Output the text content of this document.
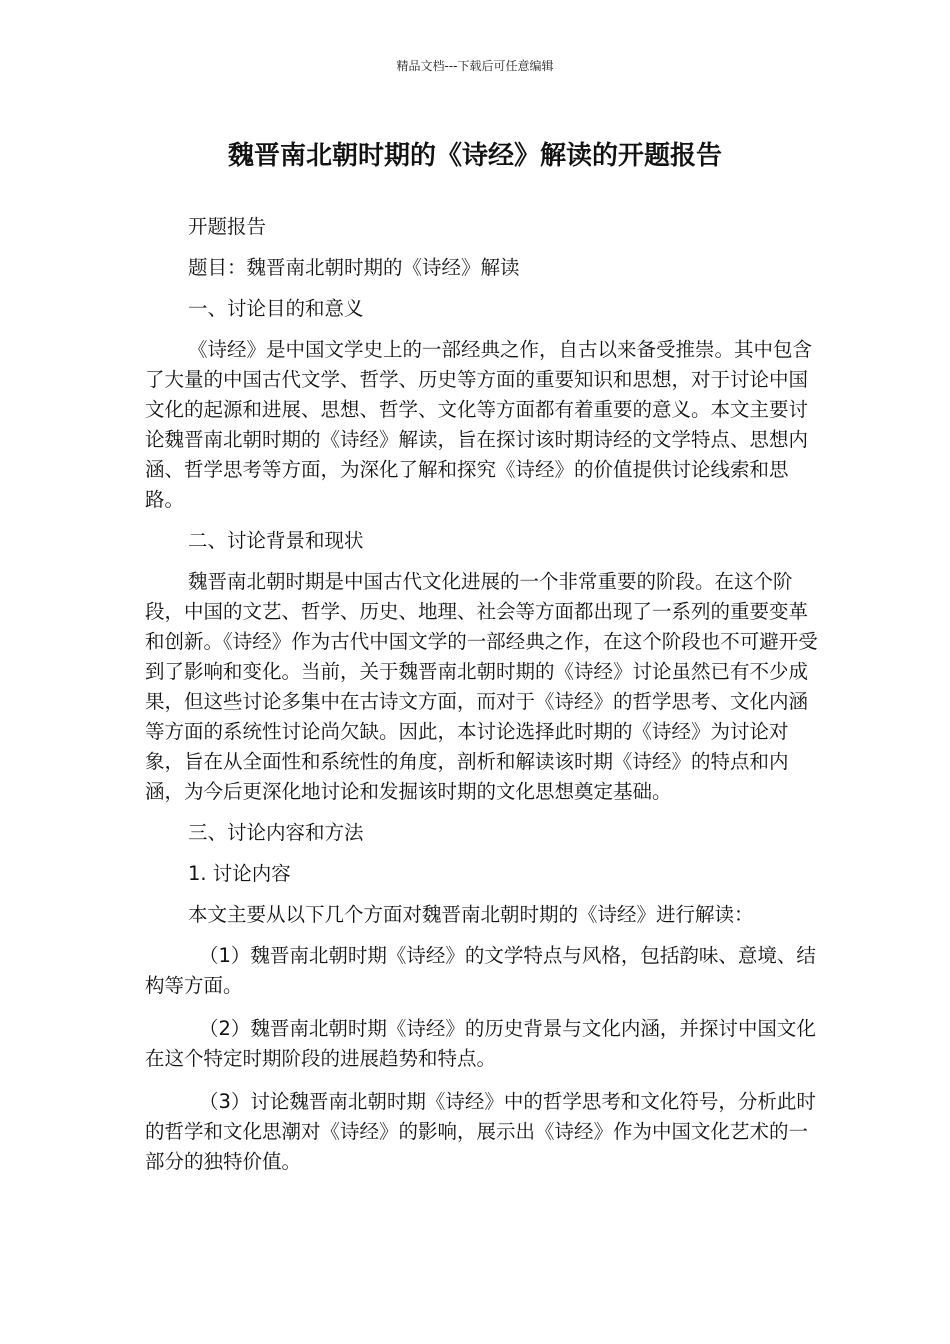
精品文档---下载后可任意编辑
魏晋南北朝时期的《诗经》解读的开题报告

开题报告

题目：魏晋南北朝时期的《诗经》解读

一、讨论目的和意义

《诗经》是中国文学史上的一部经典之作，自古以来备受推崇。其中包含了大量的中国古代文学、哲学、历史等方面的重要知识和思想，对于讨论中国文化的起源和进展、思想、哲学、文化等方面都有着重要的意义。本文主要讨论魏晋南北朝时期的《诗经》解读，旨在探讨该时期诗经的文学特点、思想内涵、哲学思考等方面，为深化了解和探究《诗经》的价值提供讨论线索和思路。

二、讨论背景和现状

魏晋南北朝时期是中国古代文化进展的一个非常重要的阶段。在这个阶段，中国的文艺、哲学、历史、地理、社会等方面都出现了一系列的重要变革和创新。《诗经》作为古代中国文学的一部经典之作，在这个阶段也不可避开受到了影响和变化。当前，关于魏晋南北朝时期的《诗经》讨论虽然已有不少成果，但这些讨论多集中在古诗文方面，而对于《诗经》的哲学思考、文化内涵等方面的系统性讨论尚欠缺。因此，本讨论选择此时期的《诗经》为讨论对象，旨在从全面性和系统性的角度，剖析和解读该时期《诗经》的特点和内涵，为今后更深化地讨论和发掘该时期的文化思想奠定基础。

三、讨论内容和方法

1. 讨论内容

本文主要从以下几个方面对魏晋南北朝时期的《诗经》进行解读：

（1）魏晋南北朝时期《诗经》的文学特点与风格，包括韵味、意境、结构等方面。

（2）魏晋南北朝时期《诗经》的历史背景与文化内涵，并探讨中国文化在这个特定时期阶段的进展趋势和特点。

（3）讨论魏晋南北朝时期《诗经》中的哲学思考和文化符号，分析此时的哲学和文化思潮对《诗经》的影响，展示出《诗经》作为中国文化艺术的一部分的独特价值。
